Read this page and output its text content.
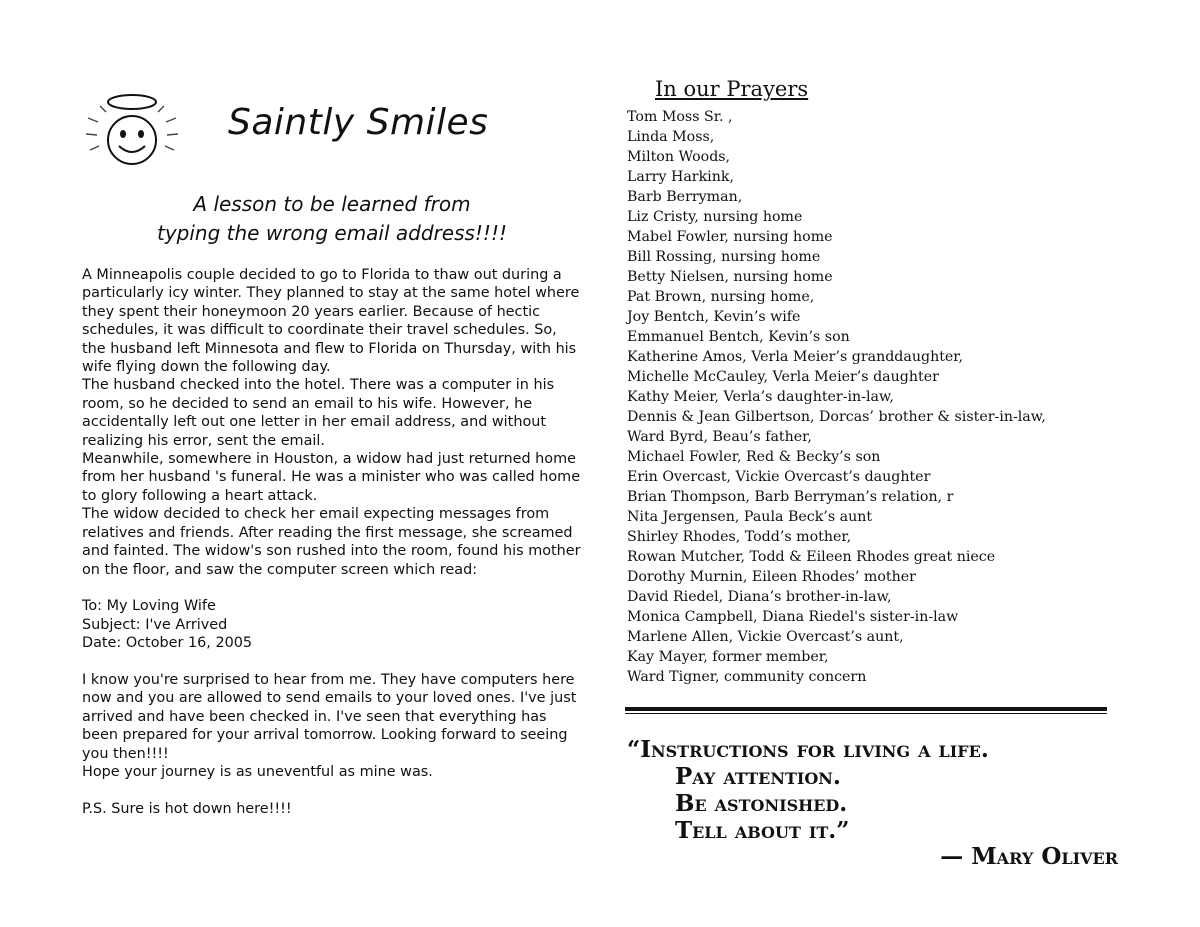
Saintly Smiles
A lesson to be learned from
typing the wrong email address!!!!

A Minneapolis couple decided to go to Florida to thaw out during a particularly icy winter. They planned to stay at the same hotel where they spent their honeymoon 20 years earlier. Because of hectic schedules, it was difficult to coordinate their travel schedules. So, the husband left Minnesota and flew to Florida on Thursday, with his wife flying down the following day.

The husband checked into the hotel. There was a computer in his room, so he decided to send an email to his wife. However, he accidentally left out one letter in her email address, and without realizing his error, sent the email.

Meanwhile, somewhere in Houston, a widow had just returned home from her husband 's funeral. He was a minister who was called home to glory following a heart attack.

The widow decided to check her email expecting messages from relatives and friends. After reading the first message, she screamed and fainted. The widow's son rushed into the room, found his mother on the floor, and saw the computer screen which read:

To: My Loving Wife

Subject: I've Arrived

Date: October 16, 2005

I know you're surprised to hear from me. They have computers here now and you are allowed to send emails to your loved ones. I've just arrived and have been checked in. I've seen that everything has been prepared for your arrival tomorrow. Looking forward to seeing you then!!!!

Hope your journey is as uneventful as mine was.

P.S. Sure is hot down here!!!!

In our Prayers
Tom Moss Sr. ,
Linda Moss,
Milton Woods,
Larry Harkink,
Barb Berryman,
Liz Cristy, nursing home
Mabel Fowler, nursing home
Bill Rossing, nursing home
Betty Nielsen, nursing home
Pat Brown, nursing home,
Joy Bentch, Kevin’s wife
Emmanuel Bentch, Kevin’s son
Katherine Amos, Verla Meier’s granddaughter,
Michelle McCauley, Verla Meier’s daughter
Kathy Meier, Verla’s daughter-in-law,
Dennis & Jean Gilbertson, Dorcas’ brother & sister-in-law,
Ward Byrd, Beau’s father,
Michael Fowler, Red & Becky’s son
Erin Overcast, Vickie Overcast’s daughter
Brian Thompson, Barb Berryman’s relation, r
Nita Jergensen, Paula Beck’s aunt
Shirley Rhodes, Todd’s mother,
Rowan Mutcher, Todd & Eileen Rhodes great niece
Dorothy Murnin, Eileen Rhodes’ mother
David Riedel, Diana’s brother-in-law,
Monica Campbell, Diana Riedel's sister-in-law
Marlene Allen, Vickie Overcast’s aunt,
Kay Mayer, former member,
Ward Tigner, community concern
“Instructions for living a life.
Pay attention.
Be astonished.
Tell about it.”
— Mary Oliver
